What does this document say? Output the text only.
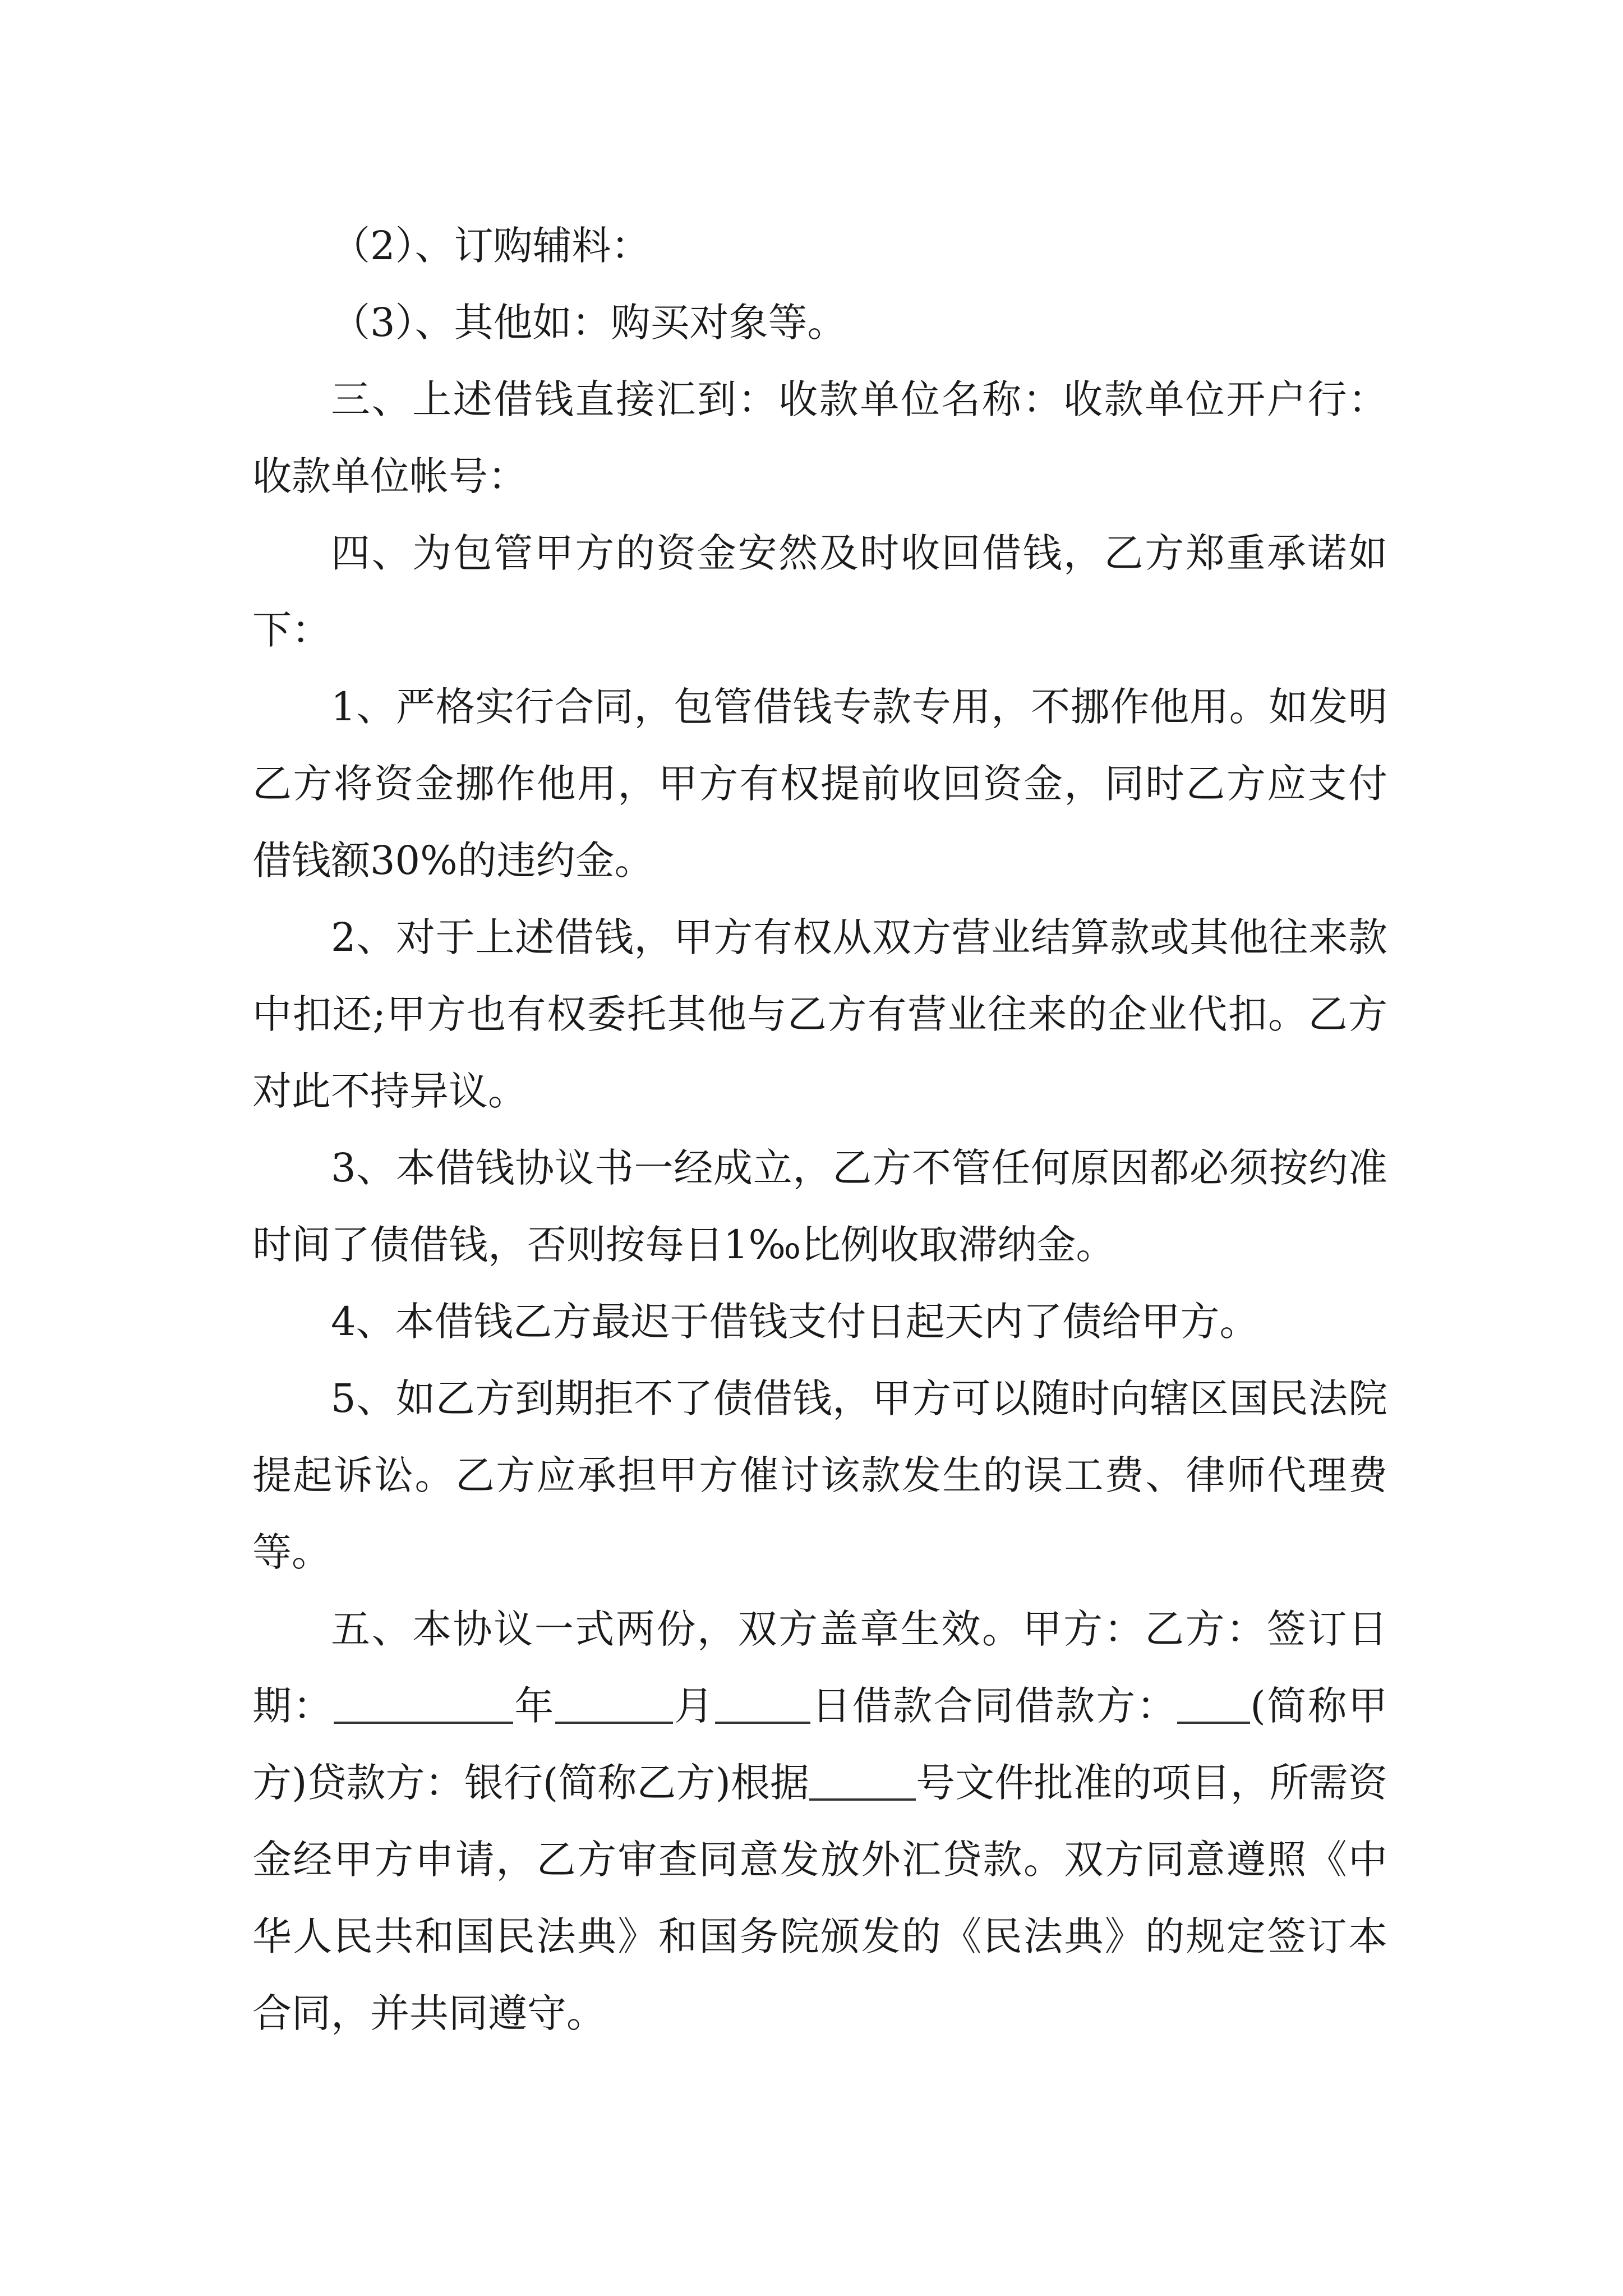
（2）、订购辅料：

（3）、其他如：购买对象等。

三、上述借钱直接汇到：收款单位名称：收款单位开户行：收款单位帐号：

四、为包管甲方的资金安然及时收回借钱，乙方郑重承诺如下：

1、严格实行合同，包管借钱专款专用，不挪作他用。如发明乙方将资金挪作他用，甲方有权提前收回资金，同时乙方应支付借钱额30%的违约金。

2、对于上述借钱，甲方有权从双方营业结算款或其他往来款中扣还;甲方也有权委托其他与乙方有营业往来的企业代扣。乙方对此不持异议。

3、本借钱协议书一经成立，乙方不管任何原因都必须按约准时间了债借钱，否则按每日1‰比例收取滞纳金。

4、本借钱乙方最迟于借钱支付日起天内了债给甲方。

5、如乙方到期拒不了债借钱，甲方可以随时向辖区国民法院提起诉讼。乙方应承担甲方催讨该款发生的误工费、律师代理费等。

五、本协议一式两份，双方盖章生效。甲方：乙方：签订日期：	年	月 日借款合同借款方： (简称甲方)贷款方：银行(简称乙方)根据	号文件批准的项目，所需资金经甲方申请，乙方审查同意发放外汇贷款。双方同意遵照《中华人民共和国民法典》和国务院颁发的《民法典》的规定签订本合同，并共同遵守。
